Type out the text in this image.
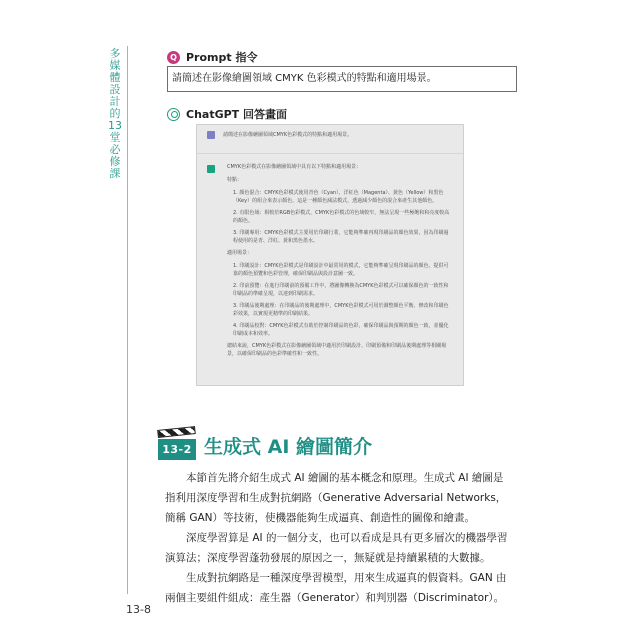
多媒體設計的13堂必修課
13-8
Q Prompt 指令
請簡述在影像繪圖領域 CMYK 色彩模式的特點和適用場景。
ChatGPT 回答畫面
請簡述在影像繪圖領域CMYK色彩模式的特點和適用場景。

CMYK色彩模式在影像繪圖領域中具有以下特點和適用場景：

特點：

1. 顏色混合：CMYK色彩模式使用青色（Cyan）、洋紅色（Magenta）、黃色（Yellow）和黑色（Key）的組合來表示顏色。這是一種顏色減法模式，透過減少顏色的混合來產生其他顏色。
2. 有限色域：相較於RGB色彩模式，CMYK色彩模式的色域較窄，無法呈現一些極飽和和亮度較高的顏色。
3. 印刷專用：CMYK色彩模式主要用於印刷行業，它能夠準確再現印刷品的顏色效果，因為印刷過程使用的是青、洋紅、黃和黑色墨水。

適用場景：

1. 印刷設計：CMYK色彩模式是印刷設計中最常用的模式，它能夠準確呈現印刷品的顏色，提供可靠的顏色預覽和色彩管理，確保印刷品與設計意圖一致。
2. 印前預覽：在進行印刷前的預備工作中，將圖像轉換為CMYK色彩模式可以確保顏色的一致性和印刷品的準確呈現，以達到印刷需求。
3. 印刷品後期處理：在印刷品的後期處理中，CMYK色彩模式可用於調整顏色平衡、修改和印刷色彩效果，以實現更精準的印刷結果。
4. 印刷品校對：CMYK色彩模式有助於控制印刷品的色彩，確保印刷品與預期的顏色一致，並優化印刷成本和效率。

總結來說，CMYK色彩模式在影像繪圖領域中適用於印刷設計、印刷預備和印刷品後期處理等相關場景，以確保印刷品的色彩準確性和一致性。

13-2 生成式 AI 繪圖簡介
本節首先將介紹生成式 AI 繪圖的基本概念和原理。生成式 AI 繪圖是指利用深度學習和生成對抗網路（Generative Adversarial Networks，簡稱 GAN）等技術，使機器能夠生成逼真、創造性的圖像和繪畫。
深度學習算是 AI 的一個分支，也可以看成是具有更多層次的機器學習演算法；深度學習蓬勃發展的原因之一，無疑就是持續累積的大數據。
生成對抗網路是一種深度學習模型，用來生成逼真的假資料。GAN 由兩個主要組件組成：產生器（Generator）和判別器（Discriminator）。
